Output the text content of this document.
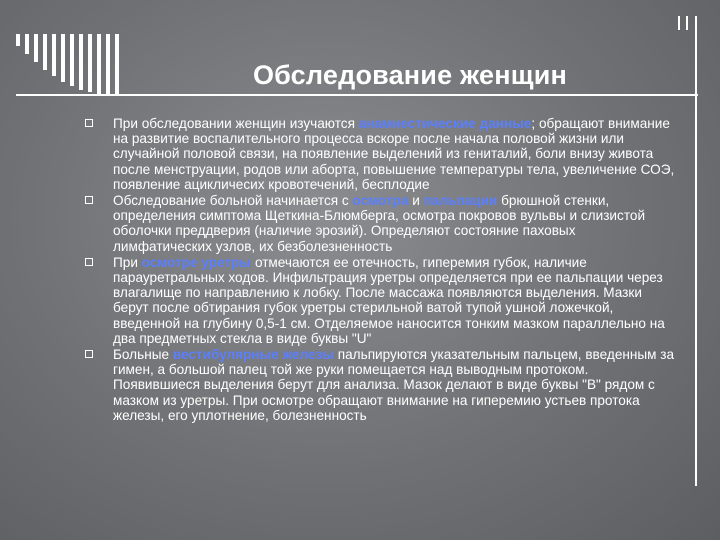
Обследование женщин
При обследовании женщин изучаются анамнестические данные; обращают внимание на развитие воспалительного процесса вскоре после начала половой жизни или случайной половой связи, на появление выделений из гениталий, боли внизу живота после менструации, родов или аборта, повышение температуры тела, увеличение СОЭ, появление ацикличесих кровотечений, бесплодие
Обследование больной начинается с осмотра и пальпации брюшной стенки, определения симптома Щеткина-Блюмберга, осмотра покровов вульвы и слизистой оболочки преддверия (наличие эрозий). Определяют состояние паховых лимфатических узлов, их безболезненность
При осмотре уретры отмечаются ее отечность, гиперемия губок, наличие парауретральных ходов. Инфильтрация уретры определяется при ее пальпации через влагалище по направлению к лобку. После массажа появляются выделения. Мазки берут после обтирания губок уретры стерильной ватой тупой ушной ложечкой, введенной на глубину 0,5-1 см. Отделяемое наносится тонким мазком параллельно на два предметных стекла в виде буквы "U"
Больные вестибулярные железы пальпируются указательным пальцем, введенным за гимен, а большой палец той же руки помещается над выводным протоком. Появившиеся выделения берут для анализа. Мазок делают в виде буквы "В" рядом с мазком из уретры. При осмотре обращают внимание на гиперемию устьев протока железы, его уплотнение, болезненность
